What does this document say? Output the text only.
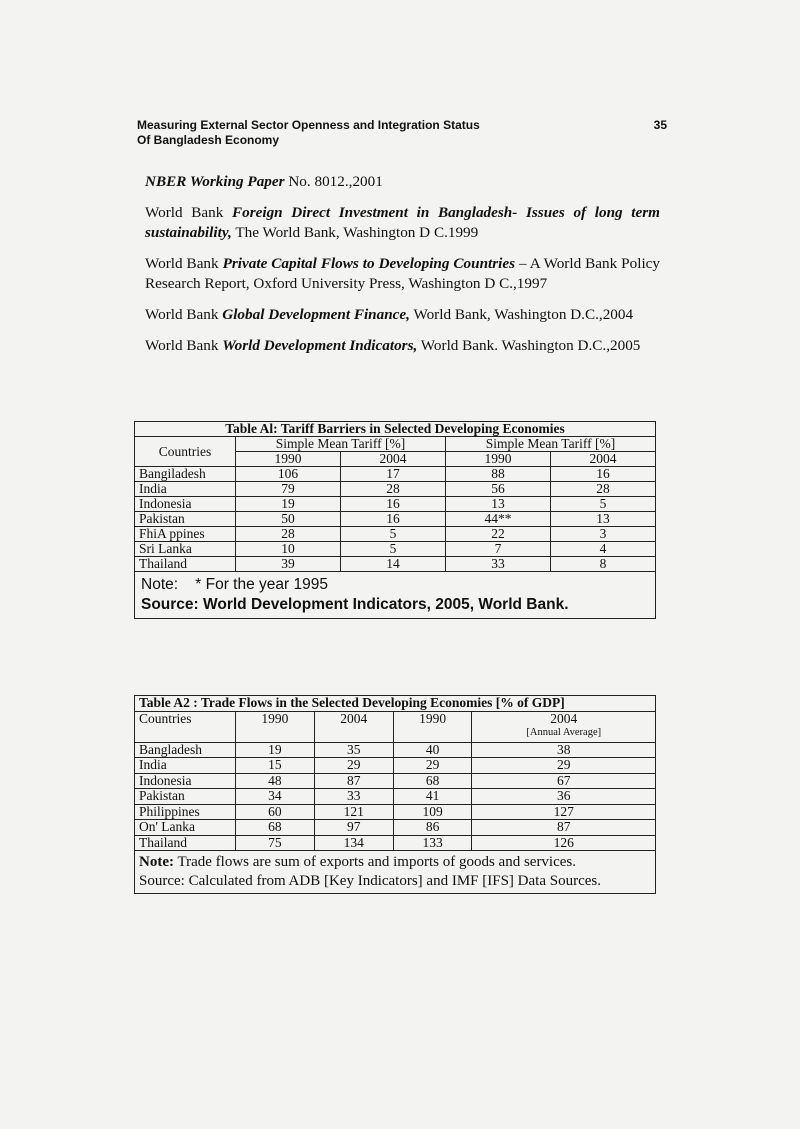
Measuring External Sector Openness and Integration Status
Of Bangladesh Economy
35

NBER Working Paper No. 8012.,2001

World Bank Foreign Direct Investment in Bangladesh- Issues of long term sustainability, The World Bank, Washington D C.1999

World Bank Private Capital Flows to Developing Countries – A World Bank Policy Research Report, Oxford University Press, Washington D C.,1997

World Bank Global Development Finance, World Bank, Washington D.C.,2004

World Bank World Development Indicators, World Bank. Washington D.C.,2005

Table Al: Tariff Barriers in Selected Developing Economies				
Countries	Simple Mean Tariff [%]		Simple Mean Tariff [%]	
	1990	2004	1990	2004
Bangiladesh	106	17	88	16
India	79	28	56	28
Indonesia	19	16	13	5
Pakistan	50	16	44**	13
FhiA ppines	28	5	22	3
Sri Lanka	10	5	7	4
Thailand	39	14	33	8

Note:    * For the year 1995
Source: World Development Indicators, 2005, World Bank.				
Table A2 : Trade Flows in the Selected Developing Economies [% of GDP]				
Countries	1990	2004	1990	2004
[Annual Average]

Bangladesh	19	35	40	38
India	15	29	29	29
Indonesia	48	87	68	67
Pakistan	34	33	41	36
Philippines	60	121	109	127
On' Lanka	68	97	86	87
Thailand	75	134	133	126

Note: Trade flows are sum of exports and imports of goods and services.
Source: Calculated from ADB [Key Indicators] and IMF [IFS] Data Sources.				
